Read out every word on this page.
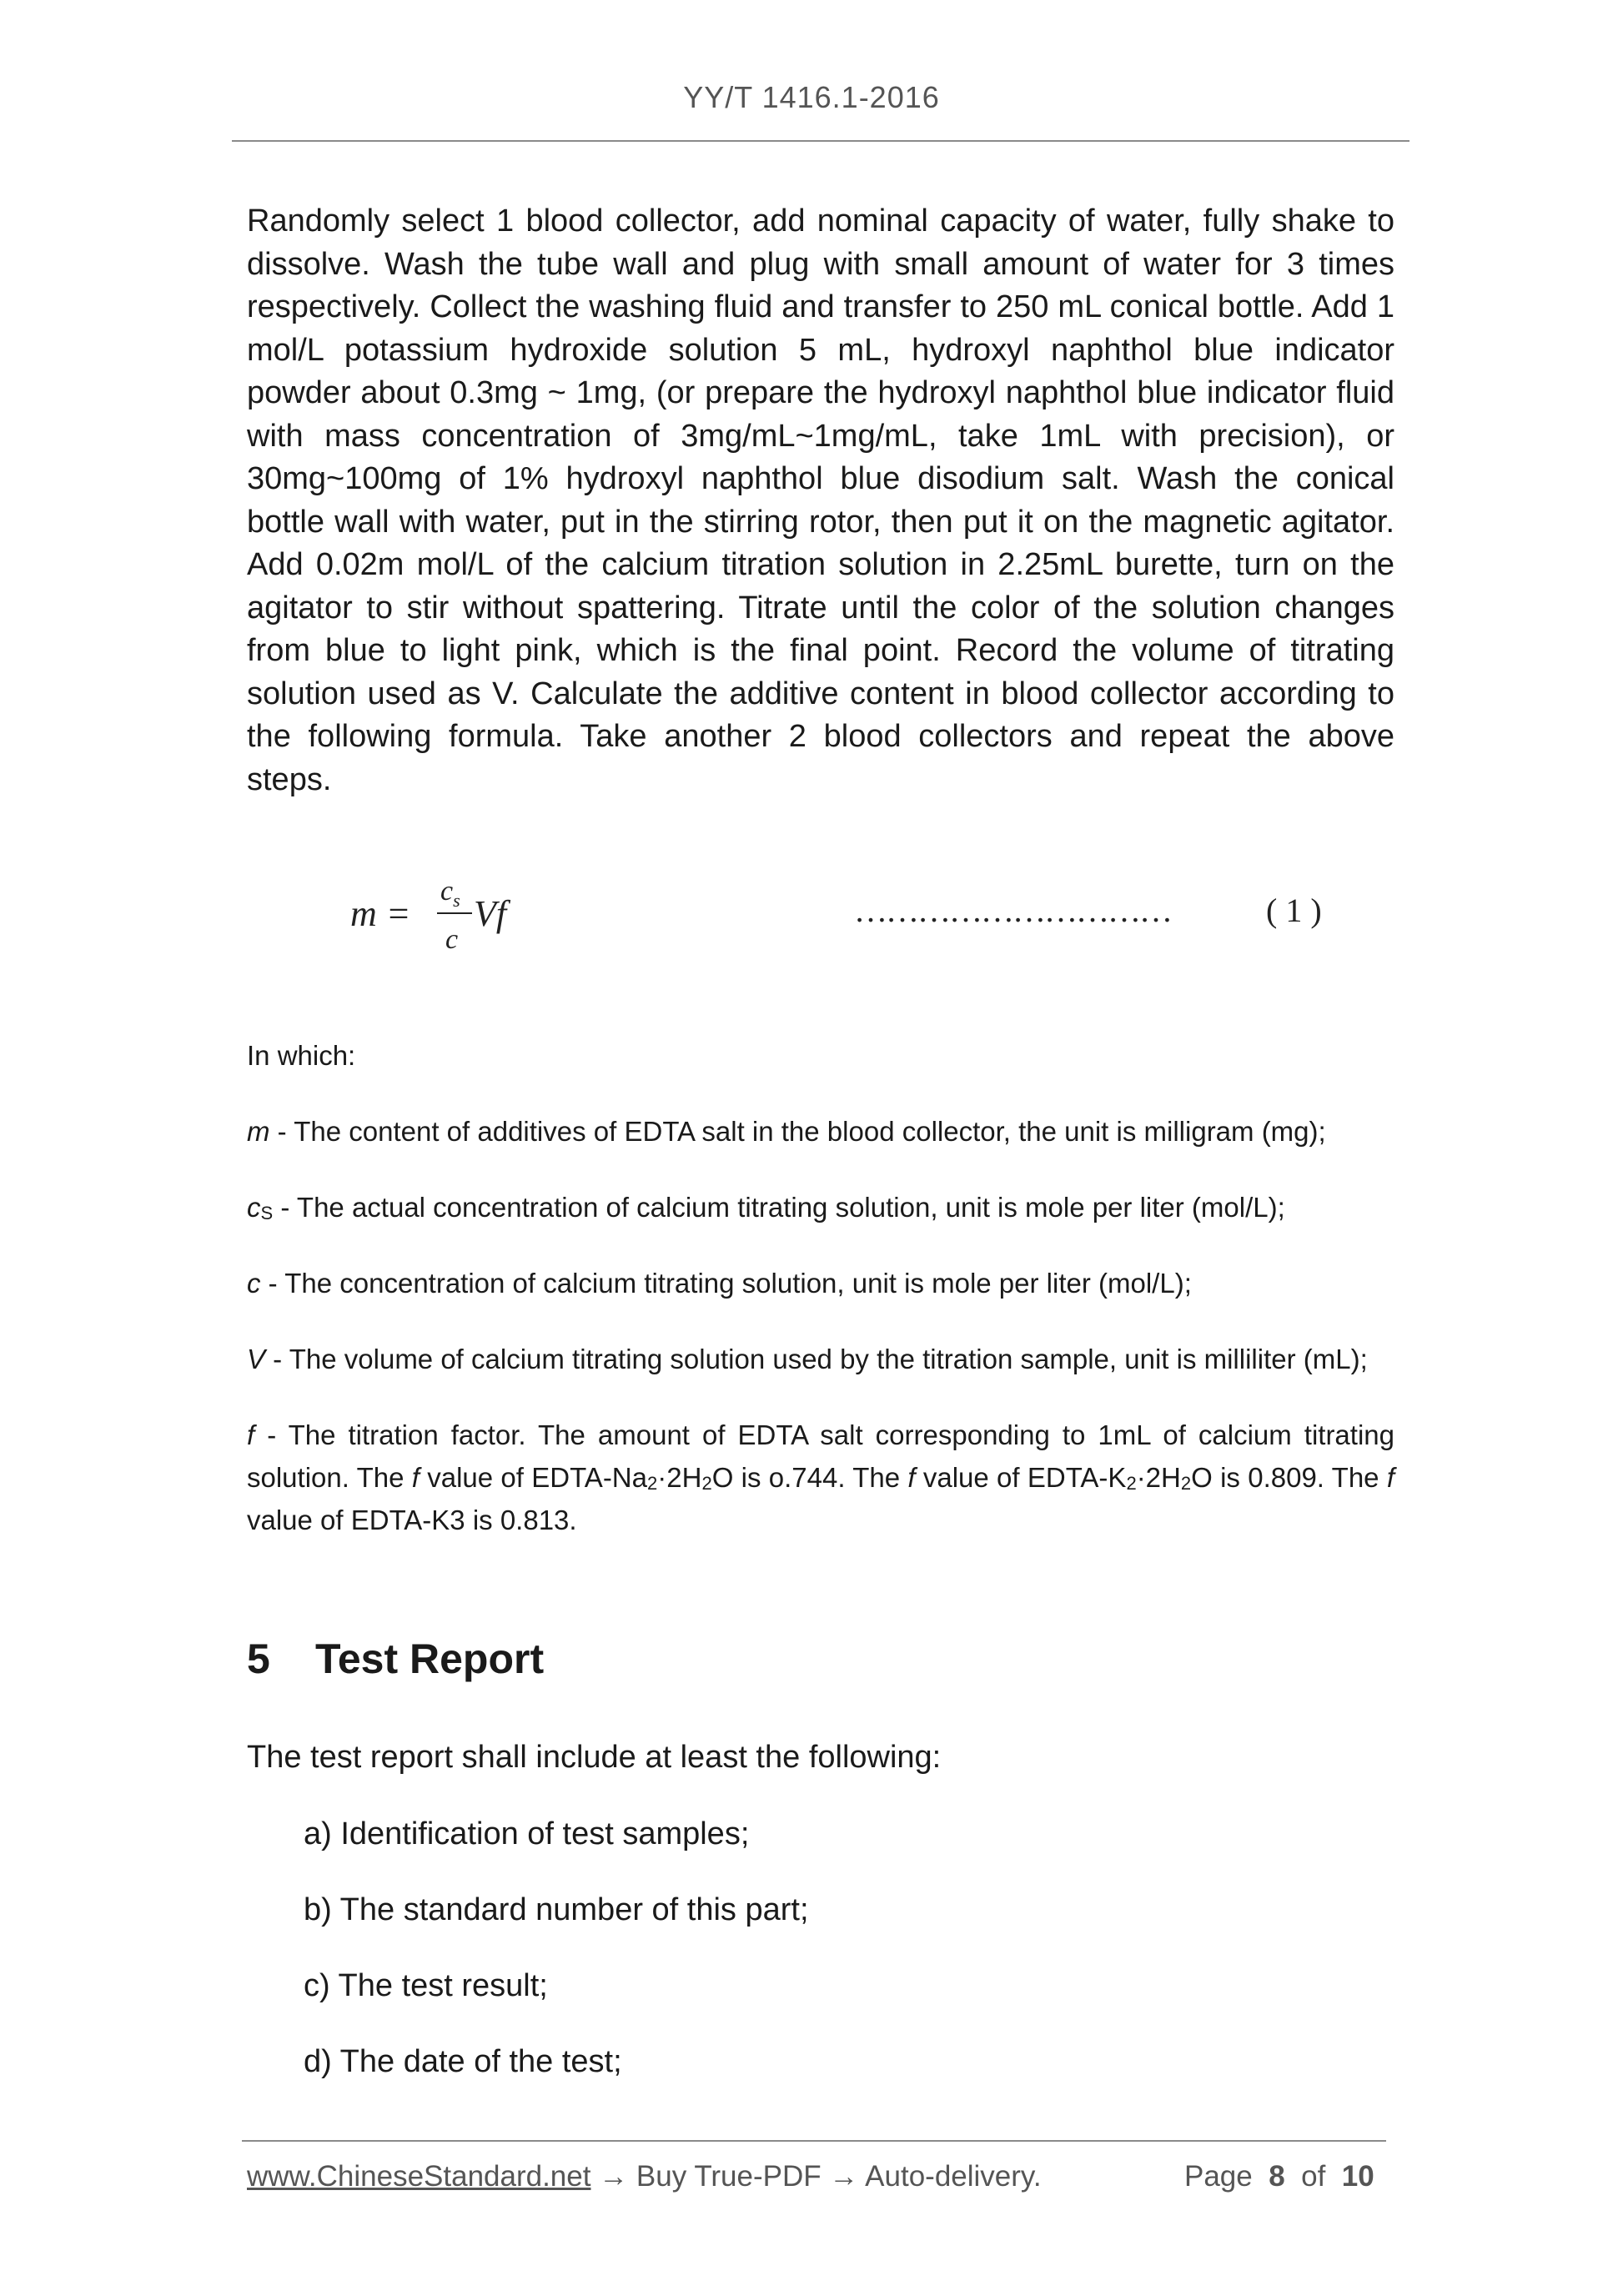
YY/T 1416.1-2016
Randomly select 1 blood collector, add nominal capacity of water, fully shake to dissolve. Wash the tube wall and plug with small amount of water for 3 times respectively. Collect the washing fluid and transfer to 250 mL conical bottle. Add 1 mol/L potassium hydroxide solution 5 mL, hydroxyl naphthol blue indicator powder about 0.3mg ~ 1mg, (or prepare the hydroxyl naphthol blue indicator fluid with mass concentration of 3mg/mL~1mg/mL, take 1mL with precision), or 30mg~100mg of 1% hydroxyl naphthol blue disodium salt. Wash the conical bottle wall with water, put in the stirring rotor, then put it on the magnetic agitator. Add 0.02m mol/L of the calcium titration solution in 2.25mL burette, turn on the agitator to stir without spattering. Titrate until the color of the solution changes from blue to light pink, which is the final point. Record the volume of titrating solution used as V. Calculate the additive content in blood collector according to the following formula. Take another 2 blood collectors and repeat the above steps.
m =
$c_s$
c
Vf	…………………………	( 1 )

In which:

m - The content of additives of EDTA salt in the blood collector, the unit is milligram (mg);

$c_S$ - The actual concentration of calcium titrating solution, unit is mole per liter (mol/L);

c - The concentration of calcium titrating solution, unit is mole per liter (mol/L);

V - The volume of calcium titrating solution used by the titration sample, unit is milliliter (mL);

f - The titration factor. The amount of EDTA salt corresponding to 1mL of calcium titrating solution. The f value of EDTA-$Na_2\cdot 2H_2O$ is o.744. The f value of EDTA-$K_2\cdot 2H_2O$ is 0.809. The f value of EDTA-K3 is 0.813.

5 Test Report
The test report shall include at least the following:
a) Identification of test samples;
b) The standard number of this part;
c) The test result;
d) The date of the test;
www.ChineseStandard.net → Buy True-PDF → Auto-delivery.	Page 8 of 10
